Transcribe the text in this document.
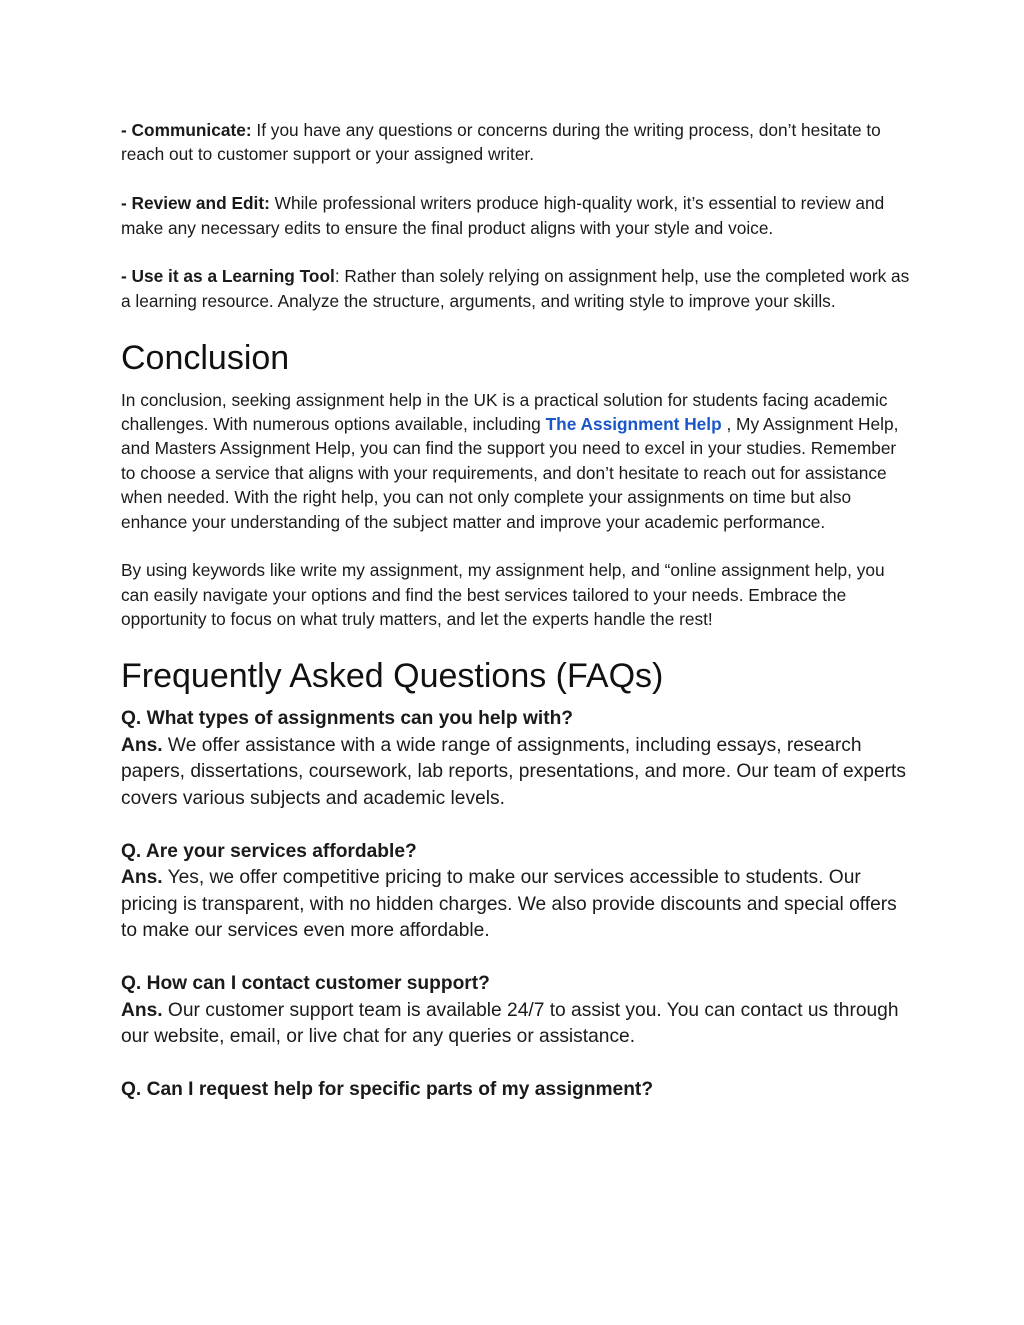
- Communicate: If you have any questions or concerns during the writing process, don’t hesitate to reach out to customer support or your assigned writer.

- Review and Edit: While professional writers produce high-quality work, it’s essential to review and make any necessary edits to ensure the final product aligns with your style and voice.

- Use it as a Learning Tool: Rather than solely relying on assignment help, use the completed work as a learning resource. Analyze the structure, arguments, and writing style to improve your skills.

Conclusion

In conclusion, seeking assignment help in the UK is a practical solution for students facing academic challenges. With numerous options available, including The Assignment Help , My Assignment Help, and Masters Assignment Help, you can find the support you need to excel in your studies. Remember to choose a service that aligns with your requirements, and don’t hesitate to reach out for assistance when needed. With the right help, you can not only complete your assignments on time but also enhance your understanding of the subject matter and improve your academic performance.

By using keywords like write my assignment, my assignment help, and “online assignment help, you can easily navigate your options and find the best services tailored to your needs. Embrace the opportunity to focus on what truly matters, and let the experts handle the rest!

Frequently Asked Questions (FAQs)

Q. What types of assignments can you help with?

Ans. We offer assistance with a wide range of assignments, including essays, research papers, dissertations, coursework, lab reports, presentations, and more. Our team of experts covers various subjects and academic levels.

Q. Are your services affordable?

Ans. Yes, we offer competitive pricing to make our services accessible to students. Our pricing is transparent, with no hidden charges. We also provide discounts and special offers to make our services even more affordable.

Q. How can I contact customer support?

Ans. Our customer support team is available 24/7 to assist you. You can contact us through our website, email, or live chat for any queries or assistance.

Q. Can I request help for specific parts of my assignment?
